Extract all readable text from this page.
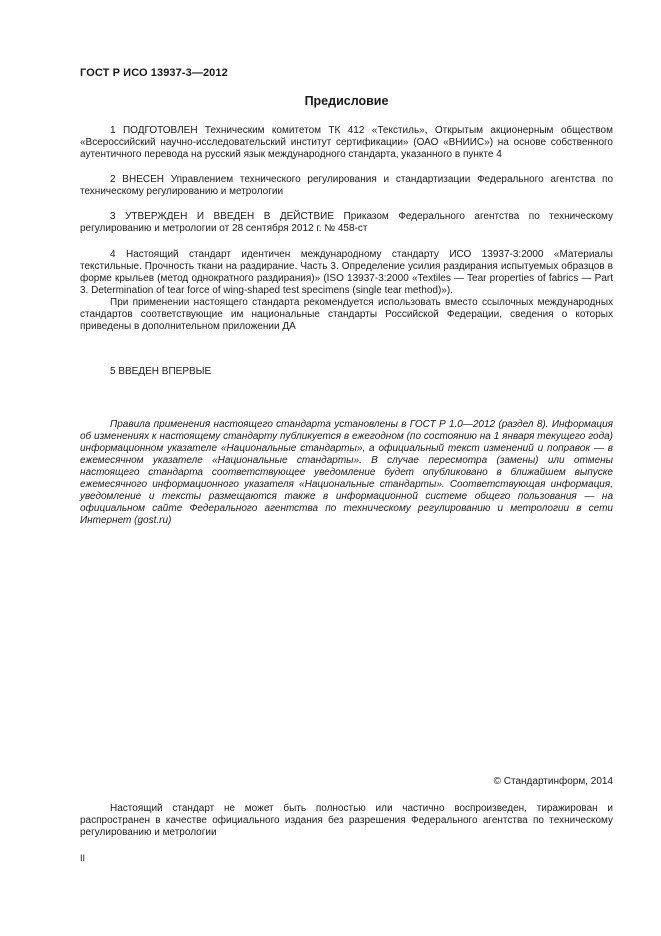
ГОСТ Р ИСО 13937-3—2012
Предисловие

1 ПОДГОТОВЛЕН Техническим комитетом ТК 412 «Текстиль», Открытым акционерным обществом «Всероссийский научно-исследовательский институт сертификации» (ОАО «ВНИИС») на основе собственного аутентичного перевода на русский язык международного стандарта, указанного в пункте 4

2 ВНЕСЕН Управлением технического регулирования и стандартизации Федерального агентства по техническому регулированию и метрологии

3 УТВЕРЖДЕН И ВВЕДЕН В ДЕЙСТВИЕ Приказом Федерального агентства по техническому регулированию и метрологии от 28 сентября 2012 г. № 458-ст

4 Настоящий стандарт идентичен международному стандарту ИСО 13937-3:2000 «Материалы текстильные. Прочность ткани на раздирание. Часть 3. Определение усилия раздирания испытуемых образцов в форме крыльев (метод однократного раздирания)» (ISO 13937-3:2000 «Textiles — Tear properties of fabrics — Part 3. Determination of tear force of wing-shaped test specimens (single tear method)»).

При применении настоящего стандарта рекомендуется использовать вместо ссылочных международных стандартов соответствующие им национальные стандарты Российской Федерации, сведения о которых приведены в дополнительном приложении ДА

5 ВВЕДЕН ВПЕРВЫЕ

Правила применения настоящего стандарта установлены в ГОСТ Р 1.0—2012 (раздел 8). Информация об изменениях к настоящему стандарту публикуется в ежегодном (по состоянию на 1 января текущего года) информационном указателе «Национальные стандарты», а официальный текст изменений и поправок — в ежемесячном указателе «Национальные стандарты». В случае пересмотра (замены) или отмены настоящего стандарта соответствующее уведомление будет опубликовано в ближайшем выпуске ежемесячного информационного указателя «Национальные стандарты». Соответствующая информация, уведомление и тексты размещаются также в информационной системе общего пользования — на официальном сайте Федерального агентства по техническому регулированию и метрологии в сети Интернет (gost.ru)

© Стандартинформ, 2014

Настоящий стандарт не может быть полностью или частично воспроизведен, тиражирован и распространен в качестве официального издания без разрешения Федерального агентства по техническому регулированию и метрологии

II
